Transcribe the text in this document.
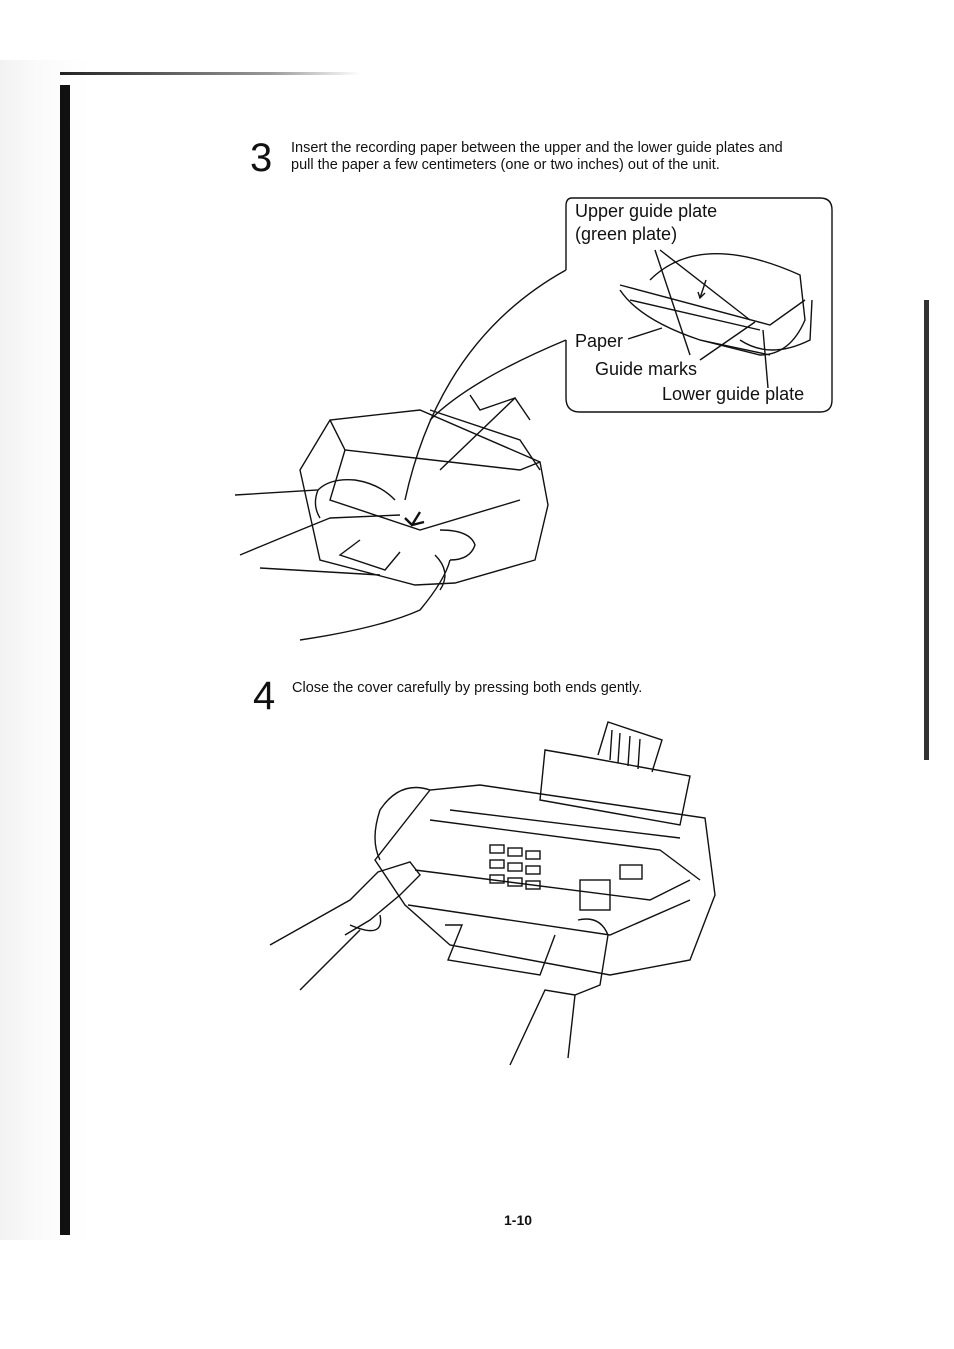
3 Insert the recording paper between the upper and the lower guide plates and
pull the paper a few centimeters (one or two inches) out of the unit.
Upper guide plate
(green plate)
Paper
Guide marks
Lower guide plate
4 Close the cover carefully by pressing both ends gently.
1-10
